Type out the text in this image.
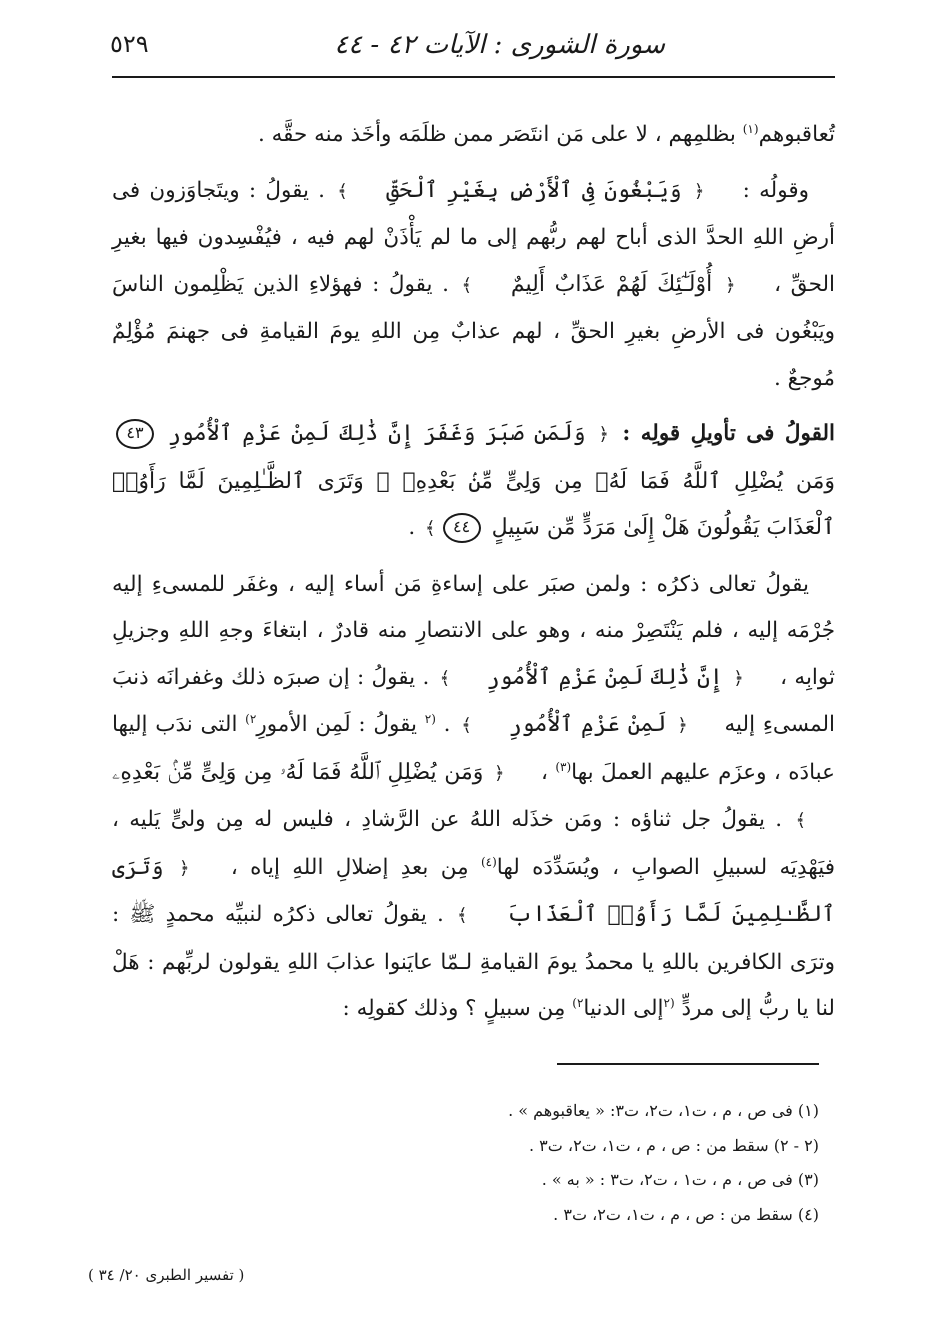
سورة الشورى : الآيات ٤٢ - ٤٤
٥٢٩

تُعاقبوهم$^{(١)}$ بظلمِهم ، لا على مَن انتَصَر ممن ظلَمَه وأخَذ منه حقَّه .

وقولُه : ﴿ وَيَبْغُونَ فِى ٱلْأَرْضِ بِغَيْرِ ٱلْحَقِّ ﴾ . يقولُ : ويتَجاوَزون فى أرضِ اللهِ الحدَّ الذى أباح لهم ربُّهم إلى ما لم يَأْذَنْ لهم فيه ، فيُفْسِدون فيها بغيرِ الحقِّ ، ﴿ أُوْلَـٰٓئِكَ لَهُمْ عَذَابٌ أَلِيمٌ ﴾ . يقولُ : فهؤلاءِ الذين يَظْلِمون الناسَ ويَبْغُون فى الأرضِ بغيرِ الحقِّ ، لهم عذابٌ مِن اللهِ يومَ القيامةِ فى جهنمَ مُؤْلِمٌ مُوجعٌ .

القولُ فى تأويلِ قولِه : ﴿ وَلَمَن صَبَرَ وَغَفَرَ إِنَّ ذَٰلِكَ لَمِنْ عَزْمِ ٱلْأُمُورِ ٤٣ وَمَن يُضْلِلِ ٱللَّهُ فَمَا لَهُۥ مِن وَلِىٍّ مِّنۢ بَعْدِهِۦ ۗ وَتَرَى ٱلظَّـٰلِمِينَ لَمَّا رَأَوُا۟ ٱلْعَذَابَ يَقُولُونَ هَلْ إِلَىٰ مَرَدٍّ مِّن سَبِيلٍ ٤٤﴾ .

يقولُ تعالى ذكرُه : ولمن صبَر على إساءةِ مَن أساء إليه ، وغفَر للمسىءِ إليه جُرْمَه إليه ، فلم يَنْتَصِرْ منه ، وهو على الانتصارِ منه قادرٌ ، ابتغاءَ وجهِ اللهِ وجزيلِ ثوابِه ، ﴿ إِنَّ ذَٰلِكَ لَمِنْ عَزْمِ ٱلْأُمُورِ ﴾ . يقولُ : إن صبرَه ذلك وغفرانَه ذنبَ المسىءِ إليه ﴿ لَمِنْ عَزْمِ ٱلْأُمُورِ ﴾ . $^{(٢}$ يقولُ : لَمِن الأمورِ$^{٢)}$ التى ندَب إليها عبادَه ، وعزَم عليهم العملَ بها$^{(٣)}$ ، ﴿ وَمَن يُضْلِلِ ٱللَّهُ فَمَا لَهُۥ مِن وَلِىٍّ مِّنۢ بَعْدِهِۦ ﴾ . يقولُ جل ثناؤه : ومَن خذَله اللهُ عن الرَّشادِ ، فليس له مِن ولىٍّ يَليه ، فيَهْدِيَه لسبيلِ الصوابِ ، ويُسَدِّدَه لها$^{(٤)}$ مِن بعدِ إضلالِ اللهِ إياه ، ﴿ وَتَرَى ٱلظَّـٰلِمِينَ لَمَّا رَأَوُا۟ ٱلْعَذَابَ ﴾ . يقولُ تعالى ذكرُه لنبيِّه محمدٍ ﷺ : وترَى الكافرين باللهِ يا محمدُ يومَ القيامةِ لـمّا عايَنوا عذابَ اللهِ يقولون لربِّهم : هَلْ لنا يا ربُّ إلى مردٍّ $^{(٢}$إلى الدنيا$^{٢)}$ مِن سبيلٍ ؟ وذلك كقولِه :

(١) فى ص ، م ، ت١، ت٢، ت٣: « يعاقبوهم » .

(٢ - ٢) سقط من : ص ، م ، ت١، ت٢، ت٣ .

(٣) فى ص ، م ، ت١ ، ت٢، ت٣ : « به » .

(٤) سقط من : ص ، م ، ت١، ت٢، ت٣ .

( تفسير الطبرى ٢٠/ ٣٤ )
